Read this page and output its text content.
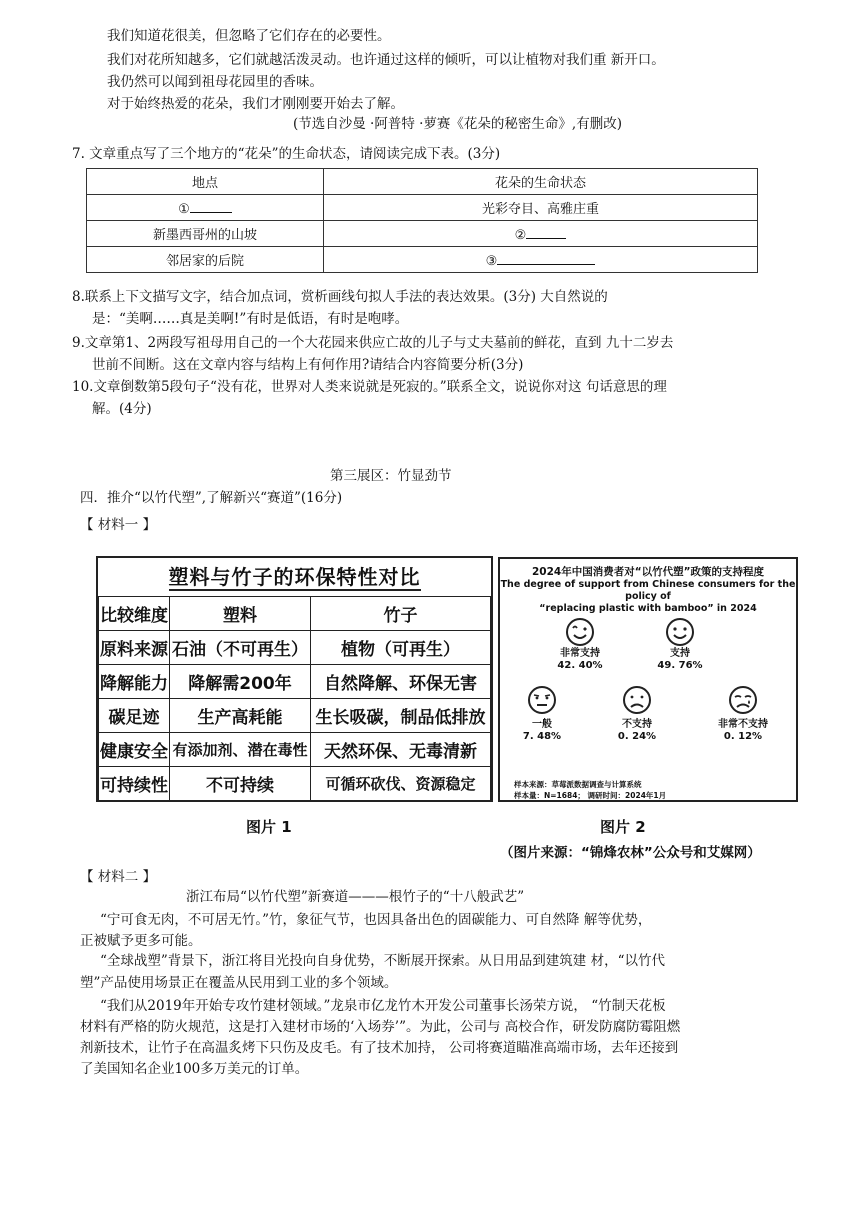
我们知道花很美，但忽略了它们存在的必要性。
我们对花所知越多，它们就越活泼灵动。也许通过这样的倾听，可以让植物对我们重 新开口。
我仍然可以闻到祖母花园里的香味。
对于始终热爱的花朵，我们才刚刚要开始去了解。
(节选自沙曼 ·阿普特 ·萝赛《花朵的秘密生命》,有删改)
7. 文章重点写了三个地方的“花朵”的生命状态，请阅读完成下表。(3分)
地点	花朵的生命状态
①	光彩夺目、高雅庄重
新墨西哥州的山坡	②
邻居家的后院	③
8.联系上下文描写文字，结合加点词，赏析画线句拟人手法的表达效果。(3分) 大自然说的
是：“美啊……真是美啊!”有时是低语，有时是咆哮。
9.文章第1、2两段写祖母用自己的一个大花园来供应亡故的儿子与丈夫墓前的鲜花，直到 九十二岁去
世前不间断。这在文章内容与结构上有何作用?请结合内容简要分析(3分)
10.文章倒数第5段句子“没有花，世界对人类来说就是死寂的。”联系全文，说说你对这 句话意思的理
解。(4分)
第三展区：竹显劲节
四．推介“以竹代塑”,了解新兴“赛道”(16分)
【 材料一 】
塑料与竹子的环保特性对比
比较维度	塑料	竹子
原料来源	石油（不可再生）	植物（可再生）
降解能力	降解需200年	自然降解、环保无害
碳足迹	生产高耗能	生长吸碳，制品低排放
健康安全	有添加剂、潜在毒性	天然环保、无毒清新
可持续性	不可持续	可循环砍伐、资源稳定
2024年中国消费者对“以竹代塑”政策的支持程度
The degree of support from Chinese consumers for the policy of
“replacing plastic with bamboo” in 2024
非常支持
42. 40%
支持
49. 76%
一般
7. 48%
不支持
0. 24%
非常不支持
0. 12%
样本来源：草莓派数据调查与计算系统
样本量：N=1684； 调研时间：2024年1月
图片 1	图片 2
（图片来源：“锦烽农林”公众号和艾媒网）
【 材料二 】
浙江布局“以竹代塑”新赛道———根竹子的“十八般武艺”
“宁可食无肉，不可居无竹。”竹，象征气节，也因具备出色的固碳能力、可自然降 解等优势，
正被赋予更多可能。
“全球战塑”背景下，浙江将目光投向自身优势，不断展开探索。从日用品到建筑建 材，“以竹代
塑”产品使用场景正在覆盖从民用到工业的多个领域。
“我们从2019年开始专攻竹建材领域。”龙泉市亿龙竹木开发公司董事长汤荣方说， “竹制天花板
材料有严格的防火规范，这是打入建材市场的‘入场券’”。为此，公司与 高校合作，研发防腐防霉阻燃
剂新技术，让竹子在高温炙烤下只伤及皮毛。有了技术加持， 公司将赛道瞄准高端市场，去年还接到
了美国知名企业100多万美元的订单。
